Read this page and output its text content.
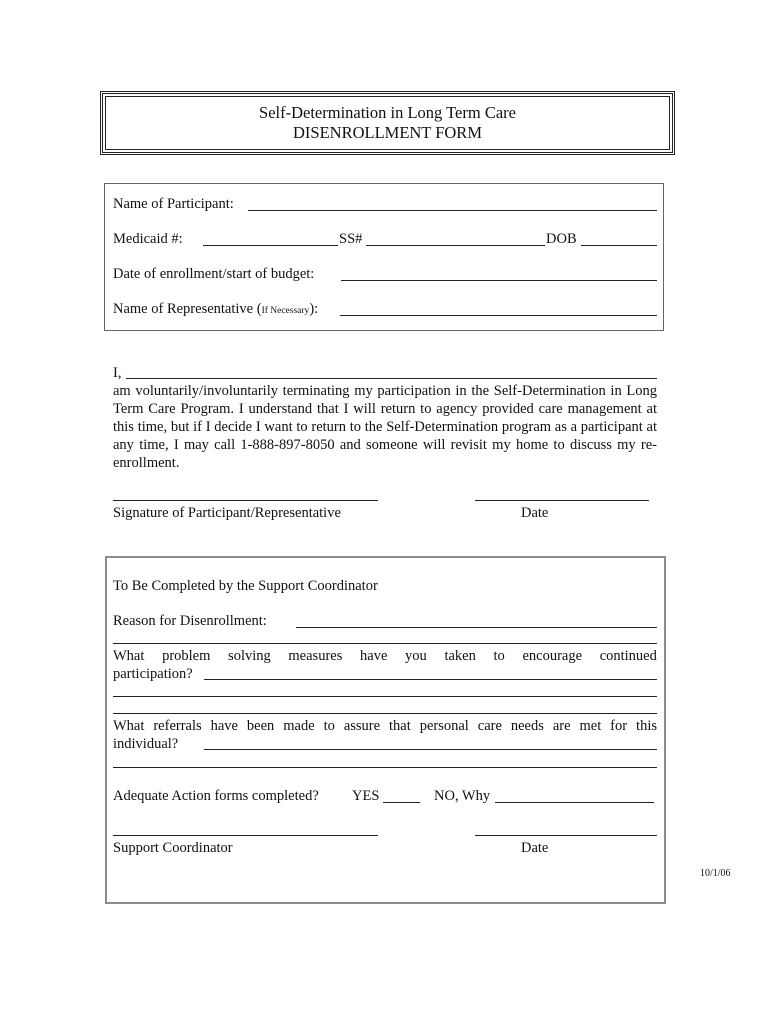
Self-Determination in Long Term Care
DISENROLLMENT FORM
Name of Participant:
Medicaid #:	SS#	DOB
Date of enrollment/start of budget:
Name of Representative (If Necessary):
I,
am voluntarily/involuntarily terminating my participation in the Self-Determination in Long Term Care Program. I understand that I will return to agency provided care management at this time, but if I decide I want to return to the Self-Determination program as a participant at any time, I may call 1-888-897-8050 and someone will revisit my home to discuss my re-enrollment.
Signature of Participant/Representative	Date
To Be Completed by the Support Coordinator
Reason for Disenrollment:
What problem solving measures have you taken to encourage continued
participation?
What referrals have been made to assure that personal care needs are met for this
individual?
Adequate Action forms completed? YES	NO, Why
Support Coordinator	Date
10/1/06
